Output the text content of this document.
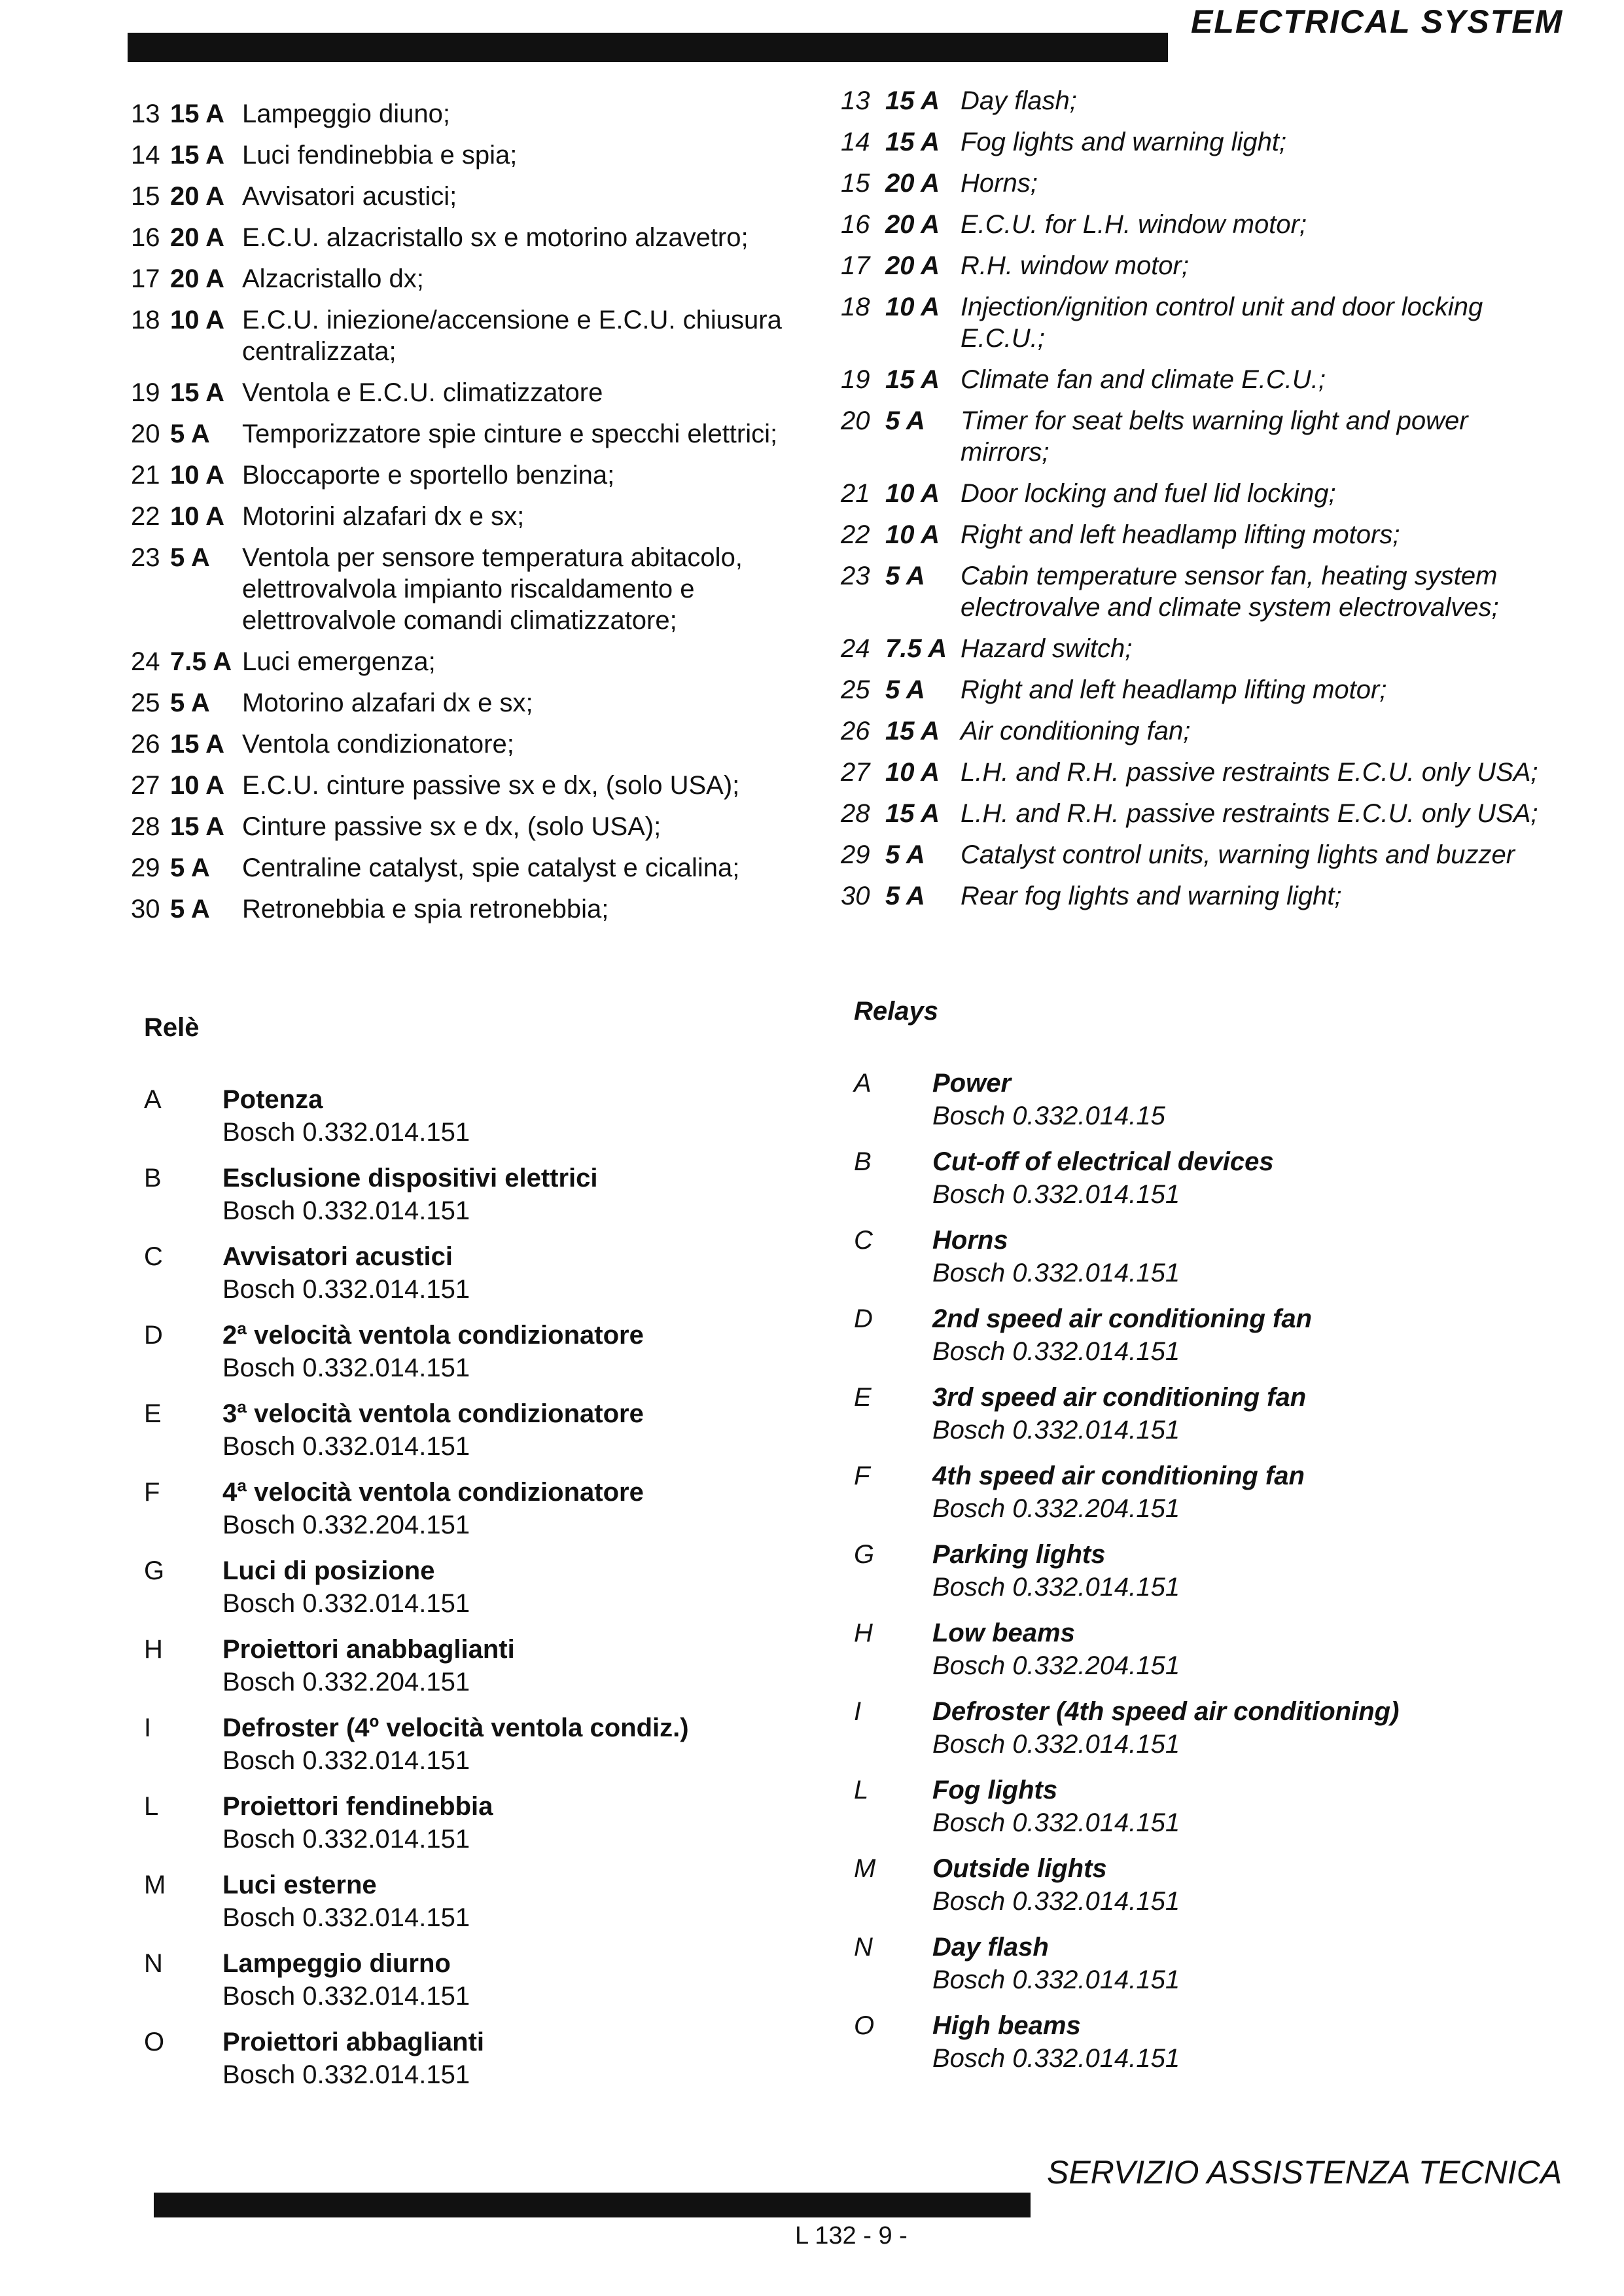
ELECTRICAL SYSTEM
13 15 A Lampeggio diuno;
14 15 A Luci fendinebbia e spia;
15 20 A Avvisatori acustici;
16 20 A E.C.U. alzacristallo sx e motorino alzavetro;
17 20 A Alzacristallo dx;
18 10 A E.C.U. iniezione/accensione e E.C.U. chiusura centralizzata;
19 15 A Ventola e E.C.U. climatizzatore
20 5 A	Temporizzatore spie cinture e specchi elettrici;
21 10 A Bloccaporte e sportello benzina;
22 10 A Motorini alzafari dx e sx;
23 5 A	Ventola per sensore temperatura abitacolo, elettrovalvola impianto riscaldamento e elettrovalvole comandi climatizzatore;
24 7.5 A Luci emergenza;
25 5 A	Motorino alzafari dx e sx;
26 15 A Ventola condizionatore;
27 10 A E.C.U. cinture passive sx e dx, (solo USA);
28 15 A Cinture passive sx e dx, (solo USA);
29 5 A	Centraline catalyst, spie catalyst e cicalina;
30 5 A	Retronebbia e spia retronebbia;
13 15 A Day flash;
14 15 A Fog lights and warning light;
15 20 A Horns;
16 20 A E.C.U. for L.H. window motor;
17 20 A R.H. window motor;
18 10 A Injection/ignition control unit and door locking E.C.U.;
19 15 A Climate fan and climate E.C.U.;
20 5 A	Timer for seat belts warning light and power mirrors;
21 10 A Door locking and fuel lid locking;
22 10 A Right and left headlamp lifting motors;
23 5 A	Cabin temperature sensor fan, heating system electrovalve and climate system electrovalves;
24 7.5 A Hazard switch;
25 5 A	Right and left headlamp lifting motor;
26 15 A Air conditioning fan;
27 10 A L.H. and R.H. passive restraints E.C.U. only USA;
28 15 A L.H. and R.H. passive restraints E.C.U. only USA;
29 5 A	Catalyst control units, warning lights and buzzer
30 5 A	Rear fog lights and warning light;
Relè
A	Potenza
Bosch 0.332.014.151
B	Esclusione dispositivi elettrici
Bosch 0.332.014.151
C	Avvisatori acustici
Bosch 0.332.014.151
D	2ª velocità ventola condizionatore
Bosch 0.332.014.151
E	3ª velocità ventola condizionatore
Bosch 0.332.014.151
F	4ª velocità ventola condizionatore
Bosch 0.332.204.151
G	Luci di posizione
Bosch 0.332.014.151
H	Proiettori anabbaglianti
Bosch 0.332.204.151
I	Defroster (4º velocità ventola condiz.)
Bosch 0.332.014.151
L	Proiettori fendinebbia
Bosch 0.332.014.151
M	Luci esterne
Bosch 0.332.014.151
N	Lampeggio diurno
Bosch 0.332.014.151
O	Proiettori abbaglianti
Bosch 0.332.014.151
Relays
A	Power
Bosch 0.332.014.15
B	Cut-off of electrical devices
Bosch 0.332.014.151
C	Horns
Bosch 0.332.014.151
D	2nd speed air conditioning fan
Bosch 0.332.014.151
E	3rd speed air conditioning fan
Bosch 0.332.014.151
F	4th speed air conditioning fan
Bosch 0.332.204.151
G	Parking lights
Bosch 0.332.014.151
H	Low beams
Bosch 0.332.204.151
I	Defroster (4th speed air conditioning)
Bosch 0.332.014.151
L	Fog lights
Bosch 0.332.014.151
M	Outside lights
Bosch 0.332.014.151
N	Day flash
Bosch 0.332.014.151
O	High beams
Bosch 0.332.014.151
SERVIZIO ASSISTENZA TECNICA
L 132 - 9 -
